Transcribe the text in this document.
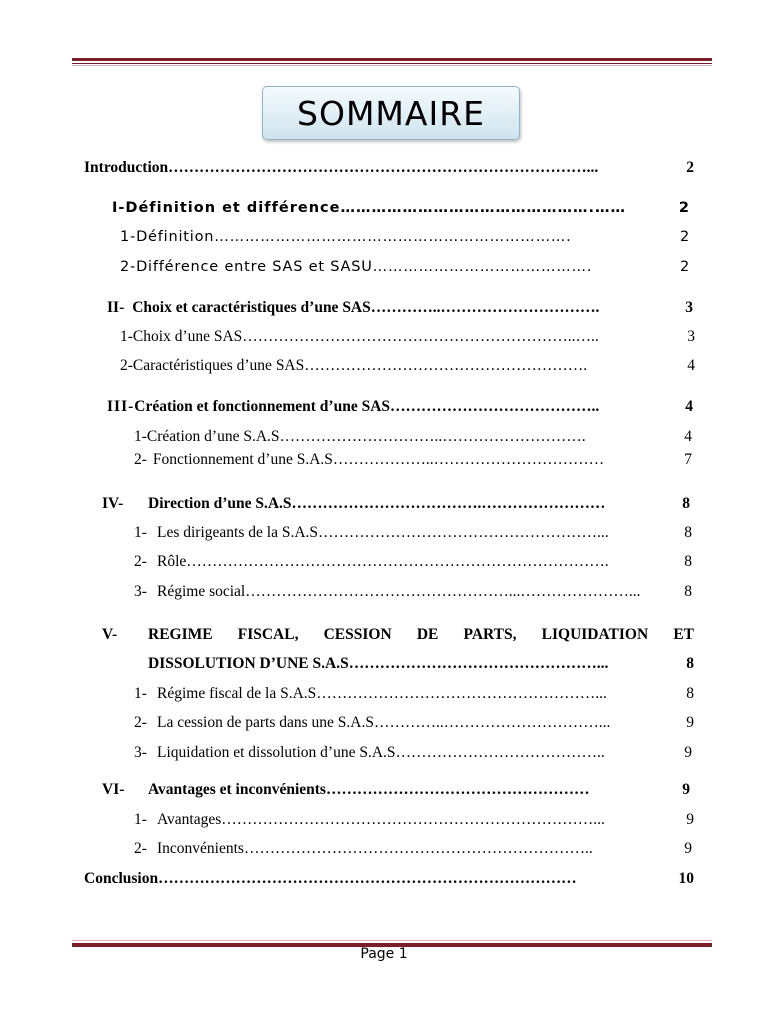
SOMMAIRE
Introduction ………………………………………………………………………...	2
I- Définition et différence ………………………………………….……	2
1- Définition …………………………………………………………….	2
2- Différence entre SAS et SASU …………………………………….	2
II- Choix et caractéristiques d’une SAS …………..………………………….	3
1- Choix d’une SAS ………………………………………………………..…..	3
2- Caractéristiques d’une SAS ……………………………………………….	4
III- Création et fonctionnement d’une SAS …………………………………..	4
1- Création d’une S.A.S …………………………..……………………….	4
2- Fonctionnement d’une S.A.S ………………..……………………………	7
IV-	Direction d’une S.A.S ……………………………….……………………	8
1- Les dirigeants de la S.A.S ………………………………………………...	8
2- Rôle ……………………………………………………………………….	8
3- Régime social ……………………………………………...…………………...	8
V- REGIME FISCAL, CESSION DE PARTS, LIQUIDATION ET
DISSOLUTION D’UNE S.A.S …………………………………………...	8
1- Régime fiscal de la S.A.S ………………………………………………...	8
2- La cession de parts dans une S.A.S …………..…………………………...	9
3- Liquidation et dissolution d’une S.A.S …………………………………..	9
VI-	Avantages et inconvénients ……………………………………………	9
1- Avantages ………………………………………………………………...	9
2- Inconvénients …………………………………………………………..	9
Conclusion ………………………………………………………………………	10
Page 1
